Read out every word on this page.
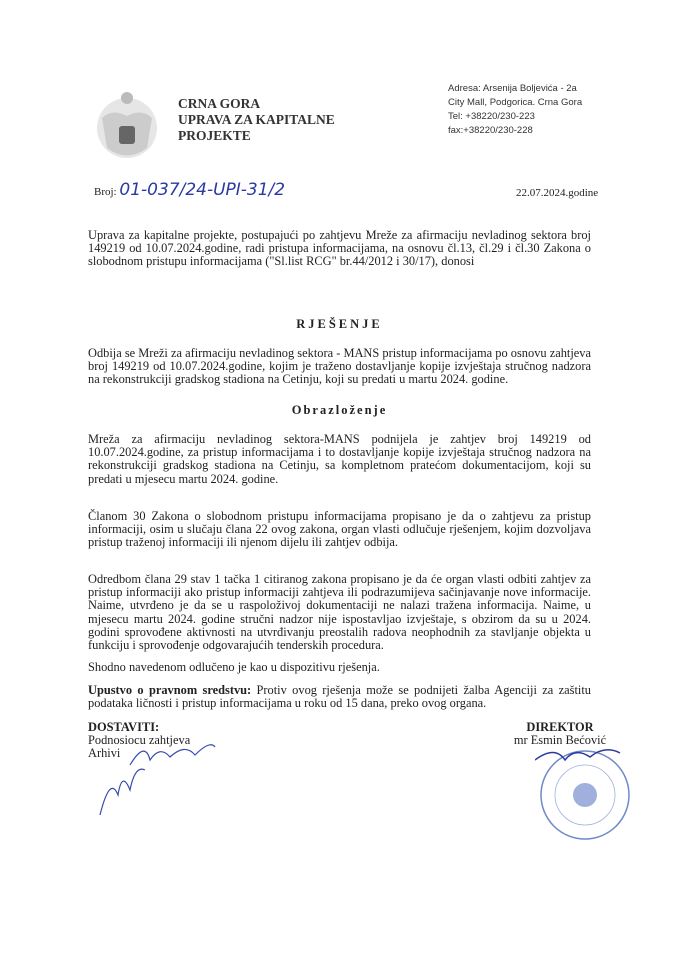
CRNA GORA
UPRAVA ZA KAPITALNE
PROJEKTE
Adresa: Arsenija Boljevića - 2a
City Mall, Podgorica. Crna Gora
Tel: +38220/230-223
fax:+38220/230-228
Broj: 01-037/24-UPI-31/2	22.07.2024.godine
Uprava za kapitalne projekte, postupajući po zahtjevu Mreže za afirmaciju nevladinog sektora broj 149219 od 10.07.2024.godine, radi pristupa informacijama, na osnovu čl.13, čl.29 i čl.30 Zakona o slobodnom pristupu informacijama ("Sl.list RCG" br.44/2012 i 30/17), donosi
RJEŠENJE
Odbija se Mreži za afirmaciju nevladinog sektora - MANS pristup informacijama po osnovu zahtjeva broj 149219 od 10.07.2024.godine, kojim je traženo dostavljanje kopije izvještaja stručnog nadzora na rekonstrukciji gradskog stadiona na Cetinju, koji su predati u martu 2024. godine.
Obrazloženje
Mreža za afirmaciju nevladinog sektora-MANS podnijela je zahtjev broj 149219 od 10.07.2024.godine, za pristup informacijama i to dostavljanje kopije izvještaja stručnog nadzora na rekonstrukciji gradskog stadiona na Cetinju, sa kompletnom pratećom dokumentacijom, koji su predati u mjesecu martu 2024. godine.
Članom 30 Zakona o slobodnom pristupu informacijama propisano je da o zahtjevu za pristup informaciji, osim u slučaju člana 22 ovog zakona, organ vlasti odlučuje rješenjem, kojim dozvoljava pristup traženoj informaciji ili njenom dijelu ili zahtjev odbija.
Odredbom člana 29 stav 1 tačka 1 citiranog zakona propisano je da će organ vlasti odbiti zahtjev za pristup informaciji ako pristup informaciji zahtjeva ili podrazumijeva sačinjavanje nove informacije. Naime, utvrđeno je da se u raspoloživoj dokumentaciji ne nalazi tražena informacija. Naime, u mjesecu martu 2024. godine stručni nadzor nije ispostavljao izvještaje, s obzirom da su u 2024. godini sprovođene aktivnosti na utvrđivanju preostalih radova neophodnih za stavljanje objekta u funkciju i sprovođenje odgovarajućih tenderskih procedura.
Shodno navedenom odlučeno je kao u dispozitivu rješenja.
Upustvo o pravnom sredstvu: Protiv ovog rješenja može se podnijeti žalba Agenciji za zaštitu podataka ličnosti i pristup informacijama u roku od 15 dana, preko ovog organa.
DOSTAVITI:
Podnosiocu zahtjeva
Arhivi
DIREKTOR
mr Esmin Bećović
